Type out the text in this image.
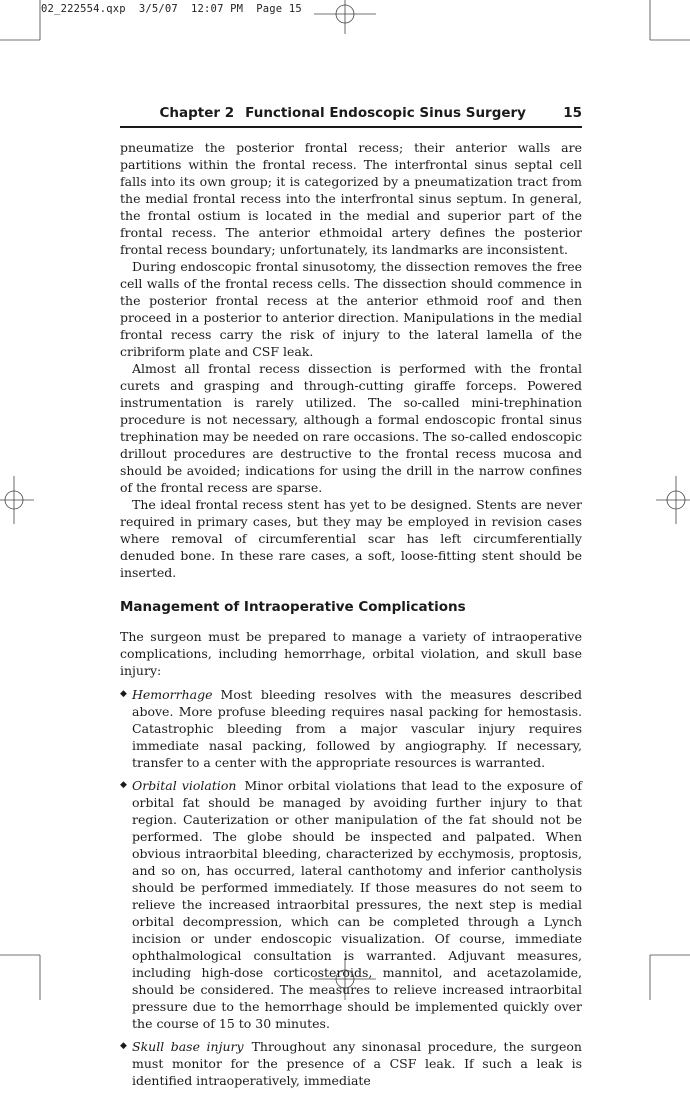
02_222554.qxp  3/5/07  12:07 PM  Page 15
Chapter 2 Functional Endoscopic Sinus Surgery	15

pneumatize the posterior frontal recess; their anterior walls are partitions within the frontal recess. The interfrontal sinus septal cell falls into its own group; it is categorized by a pneumatization tract from the medial frontal recess into the interfrontal sinus septum. In general, the frontal ostium is located in the medial and superior part of the frontal recess. The anterior ethmoidal artery defines the posterior frontal recess boundary; unfortunately, its landmarks are inconsistent.

During endoscopic frontal sinusotomy, the dissection removes the free cell walls of the frontal recess cells. The dissection should commence in the posterior frontal recess at the anterior ethmoid roof and then proceed in a posterior to anterior direction. Manipulations in the medial frontal recess carry the risk of injury to the lateral lamella of the cribriform plate and CSF leak.

Almost all frontal recess dissection is performed with the frontal curets and grasping and through-cutting giraffe forceps. Powered instrumentation is rarely utilized. The so-called mini-trephination procedure is not necessary, although a formal endoscopic frontal sinus trephination may be needed on rare occasions. The so-called endoscopic drillout procedures are destructive to the frontal recess mucosa and should be avoided; indications for using the drill in the narrow confines of the frontal recess are sparse.

The ideal frontal recess stent has yet to be designed. Stents are never required in primary cases, but they may be employed in revision cases where removal of circumferential scar has left circumferentially denuded bone. In these rare cases, a soft, loose-fitting stent should be inserted.

Management of Intraoperative Complications

The surgeon must be prepared to manage a variety of intraoperative complications, including hemorrhage, orbital violation, and skull base injury:

◆ Hemorrhage Most bleeding resolves with the measures described above. More profuse bleeding requires nasal packing for hemostasis. Catastrophic bleeding from a major vascular injury requires immediate nasal packing, followed by angiography. If necessary, transfer to a center with the appropriate resources is warranted.
◆ Orbital violation Minor orbital violations that lead to the exposure of orbital fat should be managed by avoiding further injury to that region. Cauterization or other manipulation of the fat should not be performed. The globe should be inspected and palpated. When obvious intraorbital bleeding, characterized by ecchymosis, proptosis, and so on, has occurred, lateral canthotomy and inferior cantholysis should be performed immediately. If those measures do not seem to relieve the increased intraorbital pressures, the next step is medial orbital decompression, which can be completed through a Lynch incision or under endoscopic visualization. Of course, immediate ophthalmological consultation is warranted. Adjuvant measures, including high-dose corticosteroids, mannitol, and acetazolamide, should be considered. The measures to relieve increased intraorbital pressure due to the hemorrhage should be implemented quickly over the course of 15 to 30 minutes.
◆ Skull base injury Throughout any sinonasal procedure, the surgeon must monitor for the presence of a CSF leak. If such a leak is identified intraoperatively, immediate
